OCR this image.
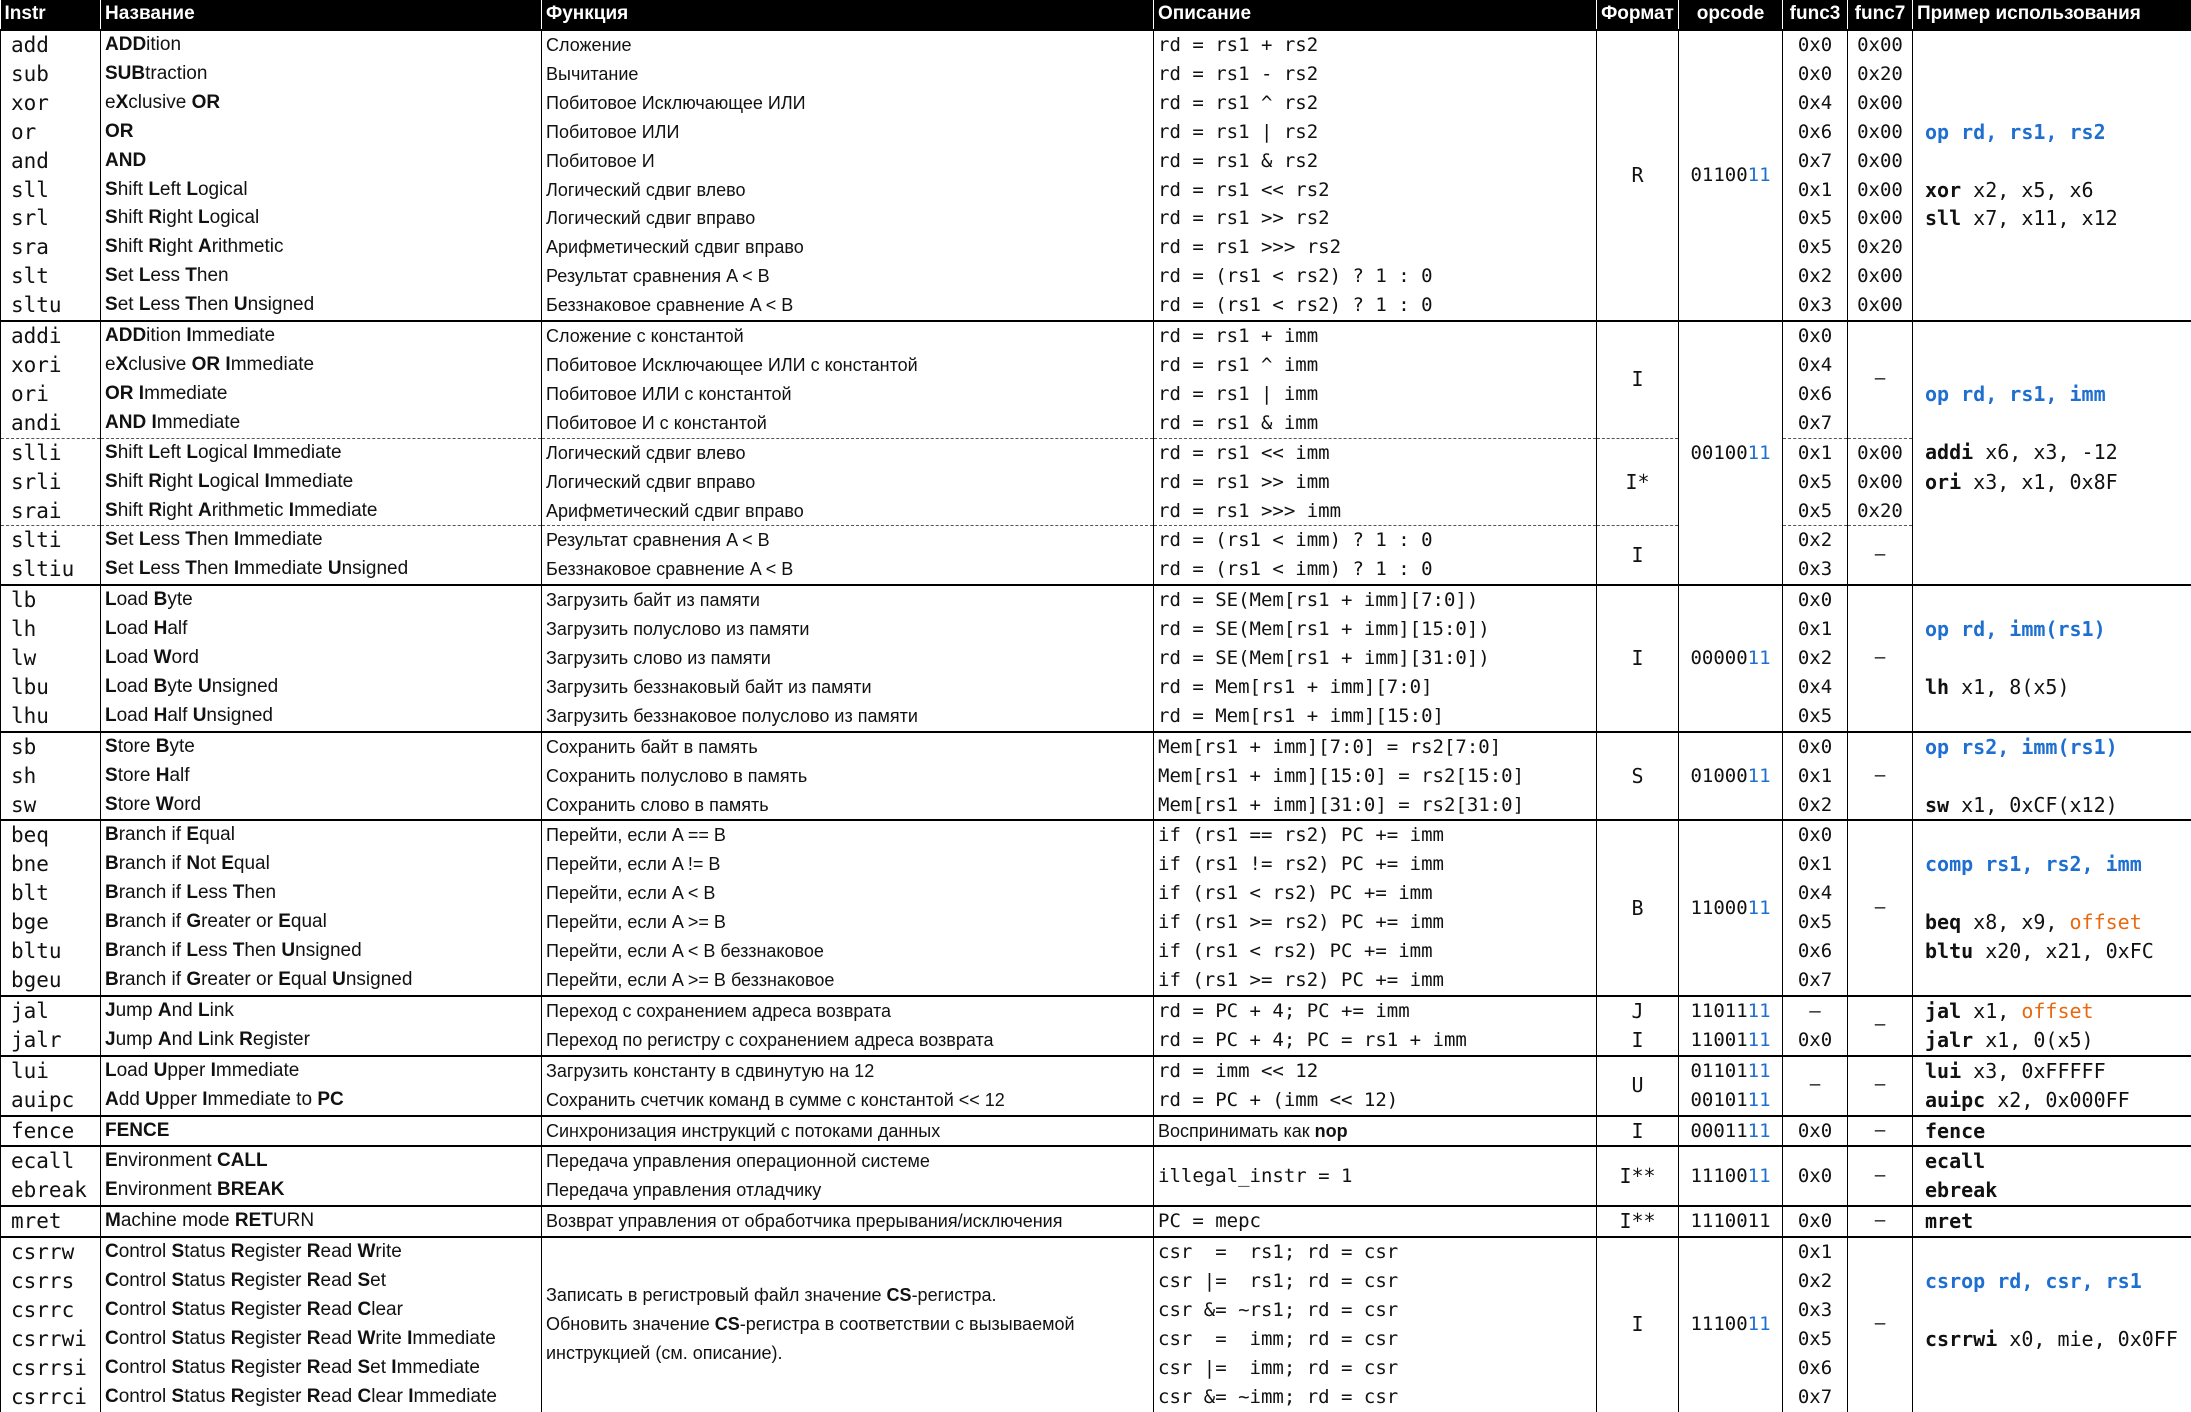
Instr	Название	Функция	Описание	Формат	opcode	func3	func7	Пример использования
add	ADDition	Сложение	rd = rs1 + rs2	R	0110011	0x0	0x00	
sub	SUBtraction	Вычитание	rd = rs1 - rs2			0x0	0x20	
xor	eXclusive OR	Побитовое Исключающее ИЛИ	rd = rs1 ^ rs2			0x4	0x00	
or	OR	Побитовое ИЛИ	rd = rs1 | rs2			0x6	0x00	op rd, rs1, rs2
and	AND	Побитовое И	rd = rs1 & rs2			0x7	0x00	
sll	Shift Left Logical	Логический сдвиг влево	rd = rs1 << rs2			0x1	0x00	xor x2, x5, x6
srl	Shift Right Logical	Логический сдвиг вправо	rd = rs1 >> rs2			0x5	0x00	sll x7, x11, x12
sra	Shift Right Arithmetic	Арифметический сдвиг вправо	rd = rs1 >>> rs2			0x5	0x20	
slt	Set Less Then	Результат сравнения A < B	rd = (rs1 < rs2) ? 1 : 0			0x2	0x00	
sltu	Set Less Then Unsigned	Беззнаковое сравнение A < B	rd = (rs1 < rs2) ? 1 : 0			0x3	0x00	
addi	ADDition Immediate	Сложение с константой	rd = rs1 + imm	I	0010011	0x0	–	
xori	eXclusive OR Immediate	Побитовое Исключающее ИЛИ с константой	rd = rs1 ^ imm			0x4		
ori	OR Immediate	Побитовое ИЛИ с константой	rd = rs1 | imm			0x6		op rd, rs1, imm
andi	AND Immediate	Побитовое И с константой	rd = rs1 & imm			0x7		
slli	Shift Left Logical Immediate	Логический сдвиг влево	rd = rs1 << imm	I*		0x1	0x00	addi x6, x3, -12
srli	Shift Right Logical Immediate	Логический сдвиг вправо	rd = rs1 >> imm			0x5	0x00	ori x3, x1, 0x8F
srai	Shift Right Arithmetic Immediate	Арифметический сдвиг вправо	rd = rs1 >>> imm			0x5	0x20	
slti	Set Less Then Immediate	Результат сравнения A < B	rd = (rs1 < imm) ? 1 : 0	I		0x2	–	
sltiu	Set Less Then Immediate Unsigned	Беззнаковое сравнение A < B	rd = (rs1 < imm) ? 1 : 0			0x3		
lb	Load Byte	Загрузить байт из памяти	rd = SE(Mem[rs1 + imm][7:0])	I	0000011	0x0	–	
lh	Load Half	Загрузить полуслово из памяти	rd = SE(Mem[rs1 + imm][15:0])			0x1		op rd, imm(rs1)
lw	Load Word	Загрузить слово из памяти	rd = SE(Mem[rs1 + imm][31:0])			0x2		
lbu	Load Byte Unsigned	Загрузить беззнаковый байт из памяти	rd = Mem[rs1 + imm][7:0]			0x4		lh x1, 8(x5)
lhu	Load Half Unsigned	Загрузить беззнаковое полуслово из памяти	rd = Mem[rs1 + imm][15:0]			0x5		
sb	Store Byte	Сохранить байт в память	Mem[rs1 + imm][7:0] = rs2[7:0]	S	0100011	0x0	–	op rs2, imm(rs1)
sh	Store Half	Сохранить полуслово в память	Mem[rs1 + imm][15:0] = rs2[15:0]			0x1		
sw	Store Word	Сохранить слово в память	Mem[rs1 + imm][31:0] = rs2[31:0]			0x2		sw x1, 0xCF(x12)
beq	Branch if Equal	Перейти, если A == B	if (rs1 == rs2) PC += imm	B	1100011	0x0	–	
bne	Branch if Not Equal	Перейти, если A != B	if (rs1 != rs2) PC += imm			0x1		comp rs1, rs2, imm
blt	Branch if Less Then	Перейти, если A < B	if (rs1 < rs2) PC += imm			0x4		
bge	Branch if Greater or Equal	Перейти, если A >= B	if (rs1 >= rs2) PC += imm			0x5		beq x8, x9, offset
bltu	Branch if Less Then Unsigned	Перейти, если A < B беззнаковое	if (rs1 < rs2) PC += imm			0x6		bltu x20, x21, 0xFC
bgeu	Branch if Greater or Equal Unsigned	Перейти, если A >= B беззнаковое	if (rs1 >= rs2) PC += imm			0x7		
jal	Jump And Link	Переход с сохранением адреса возврата	rd = PC + 4; PC += imm	J	1101111	–	–	jal x1, offset
jalr	Jump And Link Register	Переход по регистру с сохранением адреса возврата	rd = PC + 4; PC = rs1 + imm	I	1100111	0x0		jalr x1, 0(x5)
lui	Load Upper Immediate	Загрузить константу в сдвинутую на 12	rd = imm << 12	U	0110111	–	–	lui x3, 0xFFFFF
auipc	Add Upper Immediate to PC	Сохранить счетчик команд в сумме с константой << 12	rd = PC + (imm << 12)		0010111			auipc x2, 0x000FF
fence	FENCE	Синхронизация инструкций с потоками данных	Воспринимать как nop	I	0001111	0x0	–	fence
ecall	Environment CALL	Передача управления операционной системе	illegal_instr = 1	I**	1110011	0x0	–	ecall
ebreak	Environment BREAK	Передача управления отладчику						ebreak
mret	Machine mode RETURN	Возврат управления от обработчика прерывания/исключения	PC = mepc	I**	1110011	0x0	–	mret
csrrw	Control Status Register Read Write	Записать в регистровый файл значение CS-регистра.
Обновить значение CS-регистра в соответствии с вызываемой
инструкцией (см. описание).	csr  =  rs1; rd = csr	I	1110011	0x1	–	
csrrs	Control Status Register Read Set		csr |=  rs1; rd = csr			0x2		csrop rd, csr, rs1
csrrc	Control Status Register Read Clear		csr &= ~rs1; rd = csr			0x3		
csrrwi	Control Status Register Read Write Immediate		csr  =  imm; rd = csr			0x5		csrrwi x0, mie, 0x0FF
csrrsi	Control Status Register Read Set Immediate		csr |=  imm; rd = csr			0x6		
csrrci	Control Status Register Read Clear Immediate		csr &= ~imm; rd = csr			0x7		
